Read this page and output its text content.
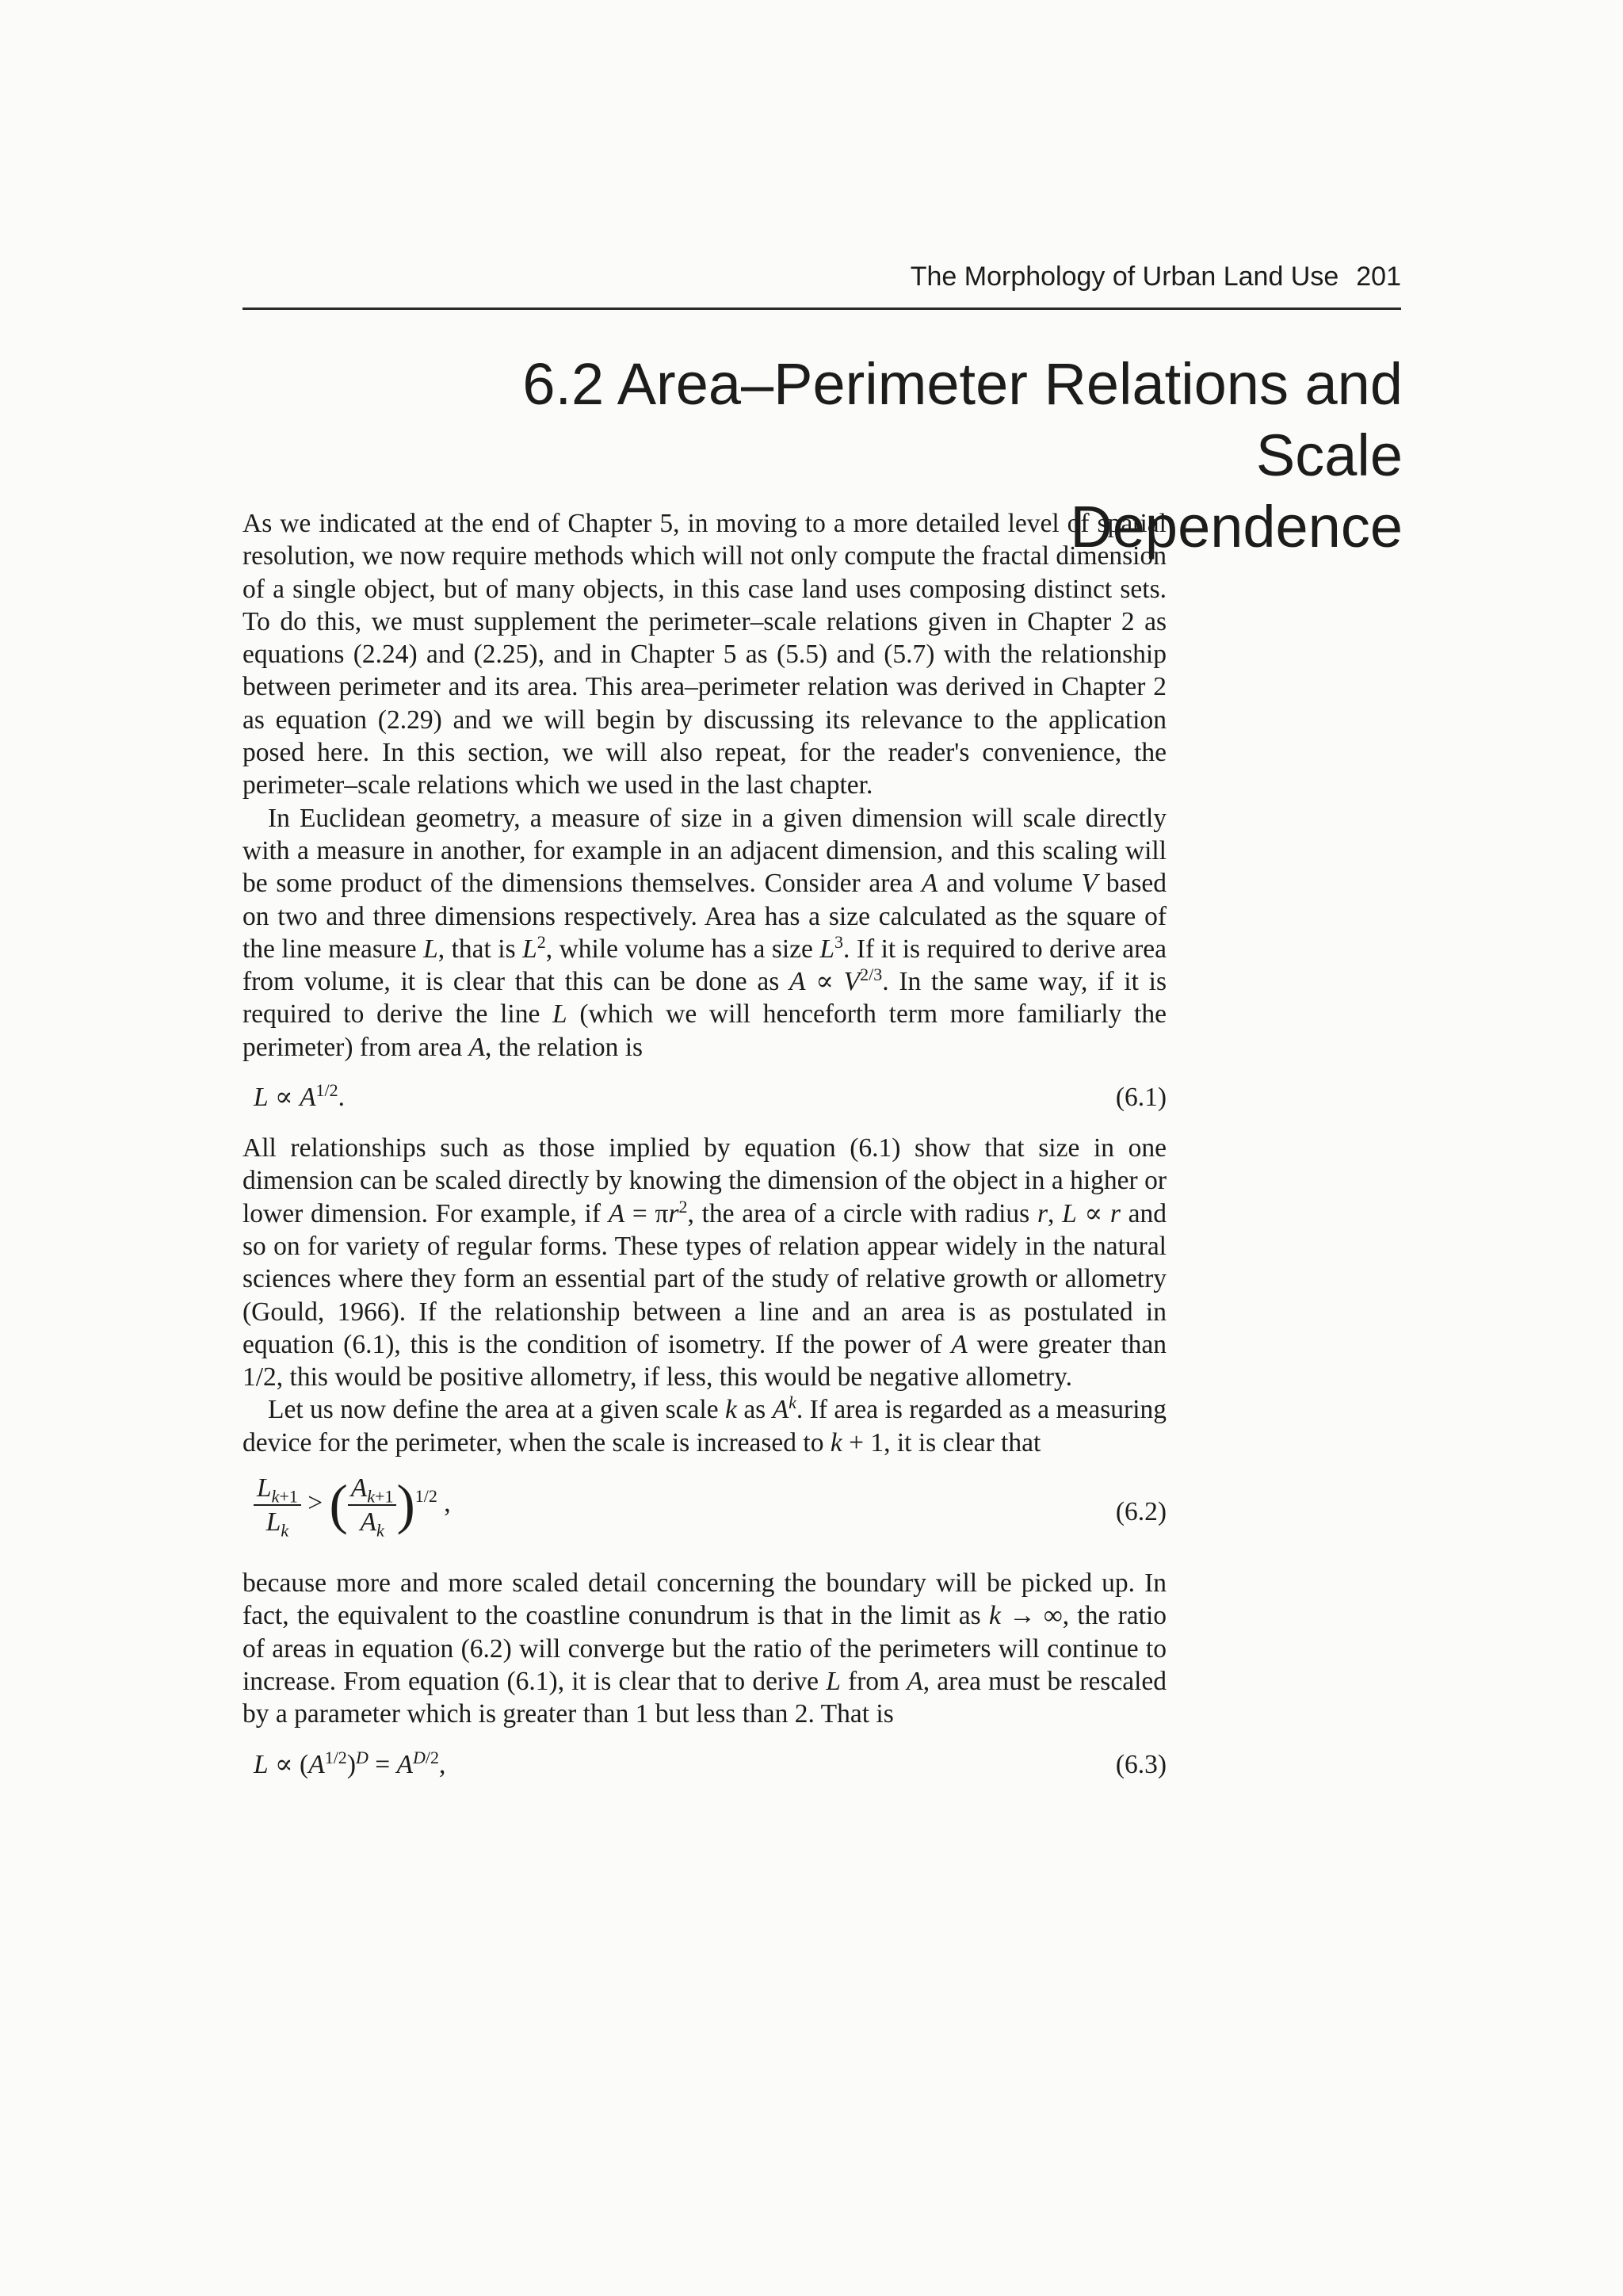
The Morphology of Urban Land Use 201
6.2 Area–Perimeter Relations and Scale
Dependence

As we indicated at the end of Chapter 5, in moving to a more detailed level of spatial resolution, we now require methods which will not only compute the fractal dimension of a single object, but of many objects, in this case land uses composing distinct sets. To do this, we must supplement the perimeter–scale relations given in Chapter 2 as equations (2.24) and (2.25), and in Chapter 5 as (5.5) and (5.7) with the relationship between perimeter and its area. This area–perimeter relation was derived in Chapter 2 as equation (2.29) and we will begin by discussing its relevance to the application posed here. In this section, we will also repeat, for the reader's convenience, the perimeter–scale relations which we used in the last chapter.

In Euclidean geometry, a measure of size in a given dimension will scale directly with a measure in another, for example in an adjacent dimension, and this scaling will be some product of the dimensions themselves. Consider area A and volume V based on two and three dimensions respectively. Area has a size calculated as the square of the line measure L, that is $L^2$, while volume has a size $L^3$. If it is required to derive area from volume, it is clear that this can be done as $A \propto V^{2/3}$. In the same way, if it is required to derive the line L (which we will henceforth term more familiarly the perimeter) from area A, the relation is

$L \propto A^{1/2}$.	(6.1)

All relationships such as those implied by equation (6.1) show that size in one dimension can be scaled directly by knowing the dimension of the object in a higher or lower dimension. For example, if $A = \pi r^2$, the area of a circle with radius r, L ∝ r and so on for variety of regular forms. These types of relation appear widely in the natural sciences where they form an essential part of the study of relative growth or allometry (Gould, 1966). If the relationship between a line and an area is as postulated in equation (6.1), this is the condition of isometry. If the power of A were greater than 1/2, this would be positive allometry, if less, this would be negative allometry.

Let us now define the area at a given scale k as $A^k$. If area is regarded as a measuring device for the perimeter, when the scale is increased to k + 1, it is clear that

$\frac{L_{k+1}}{L_k}$ > ( $\frac{A_{k+1}}{A_k} )^{1/2}$ ,	(6.2)

because more and more scaled detail concerning the boundary will be picked up. In fact, the equivalent to the coastline conundrum is that in the limit as k → ∞, the ratio of areas in equation (6.2) will converge but the ratio of the perimeters will continue to increase. From equation (6.1), it is clear that to derive L from A, area must be rescaled by a parameter which is greater than 1 but less than 2. That is

$L \propto (A^{1/2})^D = A^{D/2}$,	(6.3)
